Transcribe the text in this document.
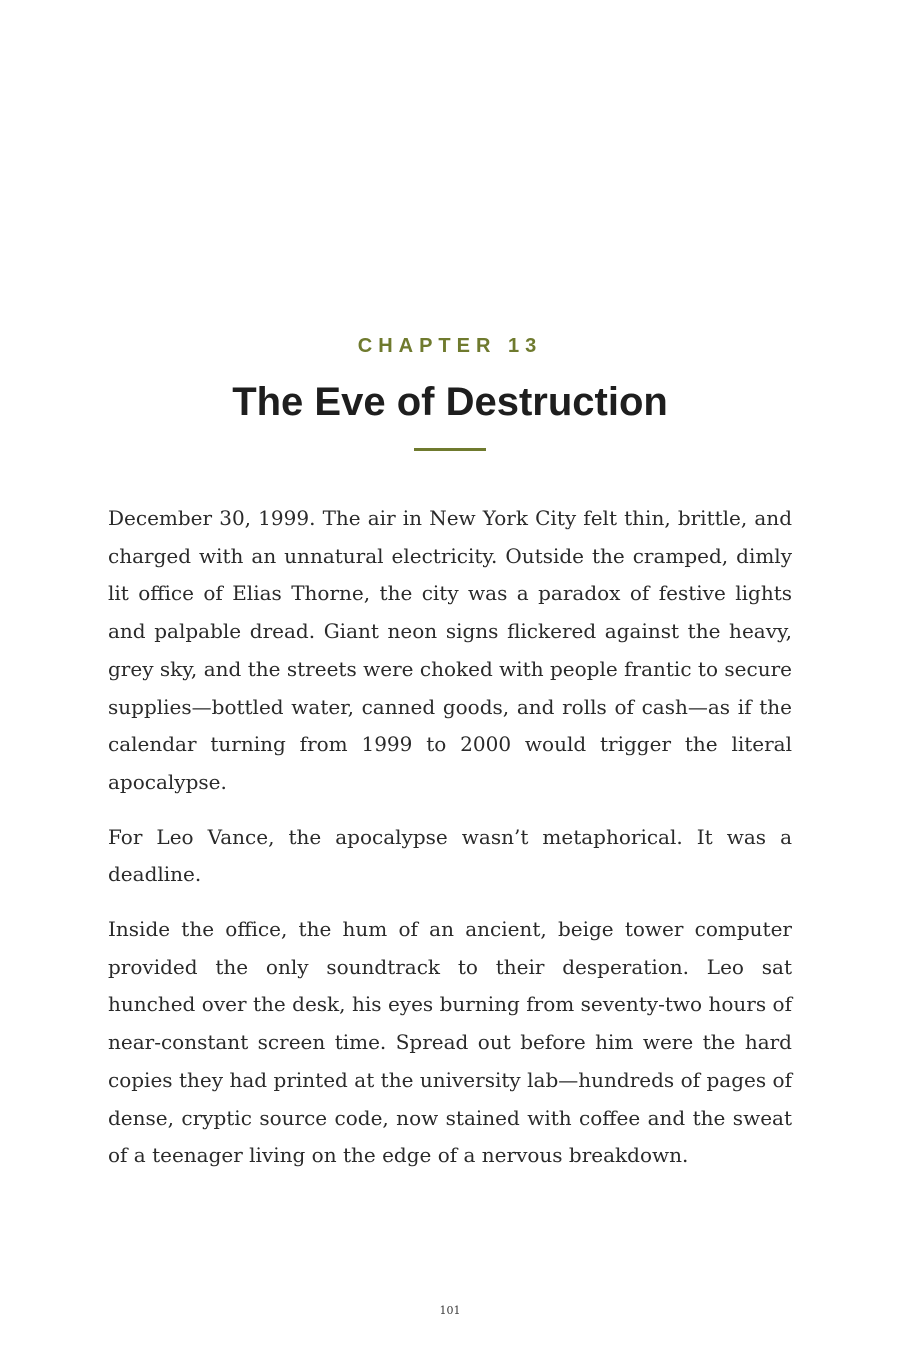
CHAPTER 13
The Eve of Destruction

December 30, 1999. The air in New York City felt thin, brittle, and charged with an unnatural electricity. Outside the cramped, dimly lit office of Elias Thorne, the city was a paradox of festive lights and palpable dread. Giant neon signs flickered against the heavy, grey sky, and the streets were choked with people frantic to secure supplies—bottled water, canned goods, and rolls of cash—as if the calendar turning from 1999 to 2000 would trigger the literal apocalypse.

For Leo Vance, the apocalypse wasn’t metaphorical. It was a deadline.

Inside the office, the hum of an ancient, beige tower computer provided the only soundtrack to their desperation. Leo sat hunched over the desk, his eyes burning from seventy-two hours of near-constant screen time. Spread out before him were the hard copies they had printed at the university lab—hundreds of pages of dense, cryptic source code, now stained with coffee and the sweat of a teenager living on the edge of a nervous breakdown.

101
